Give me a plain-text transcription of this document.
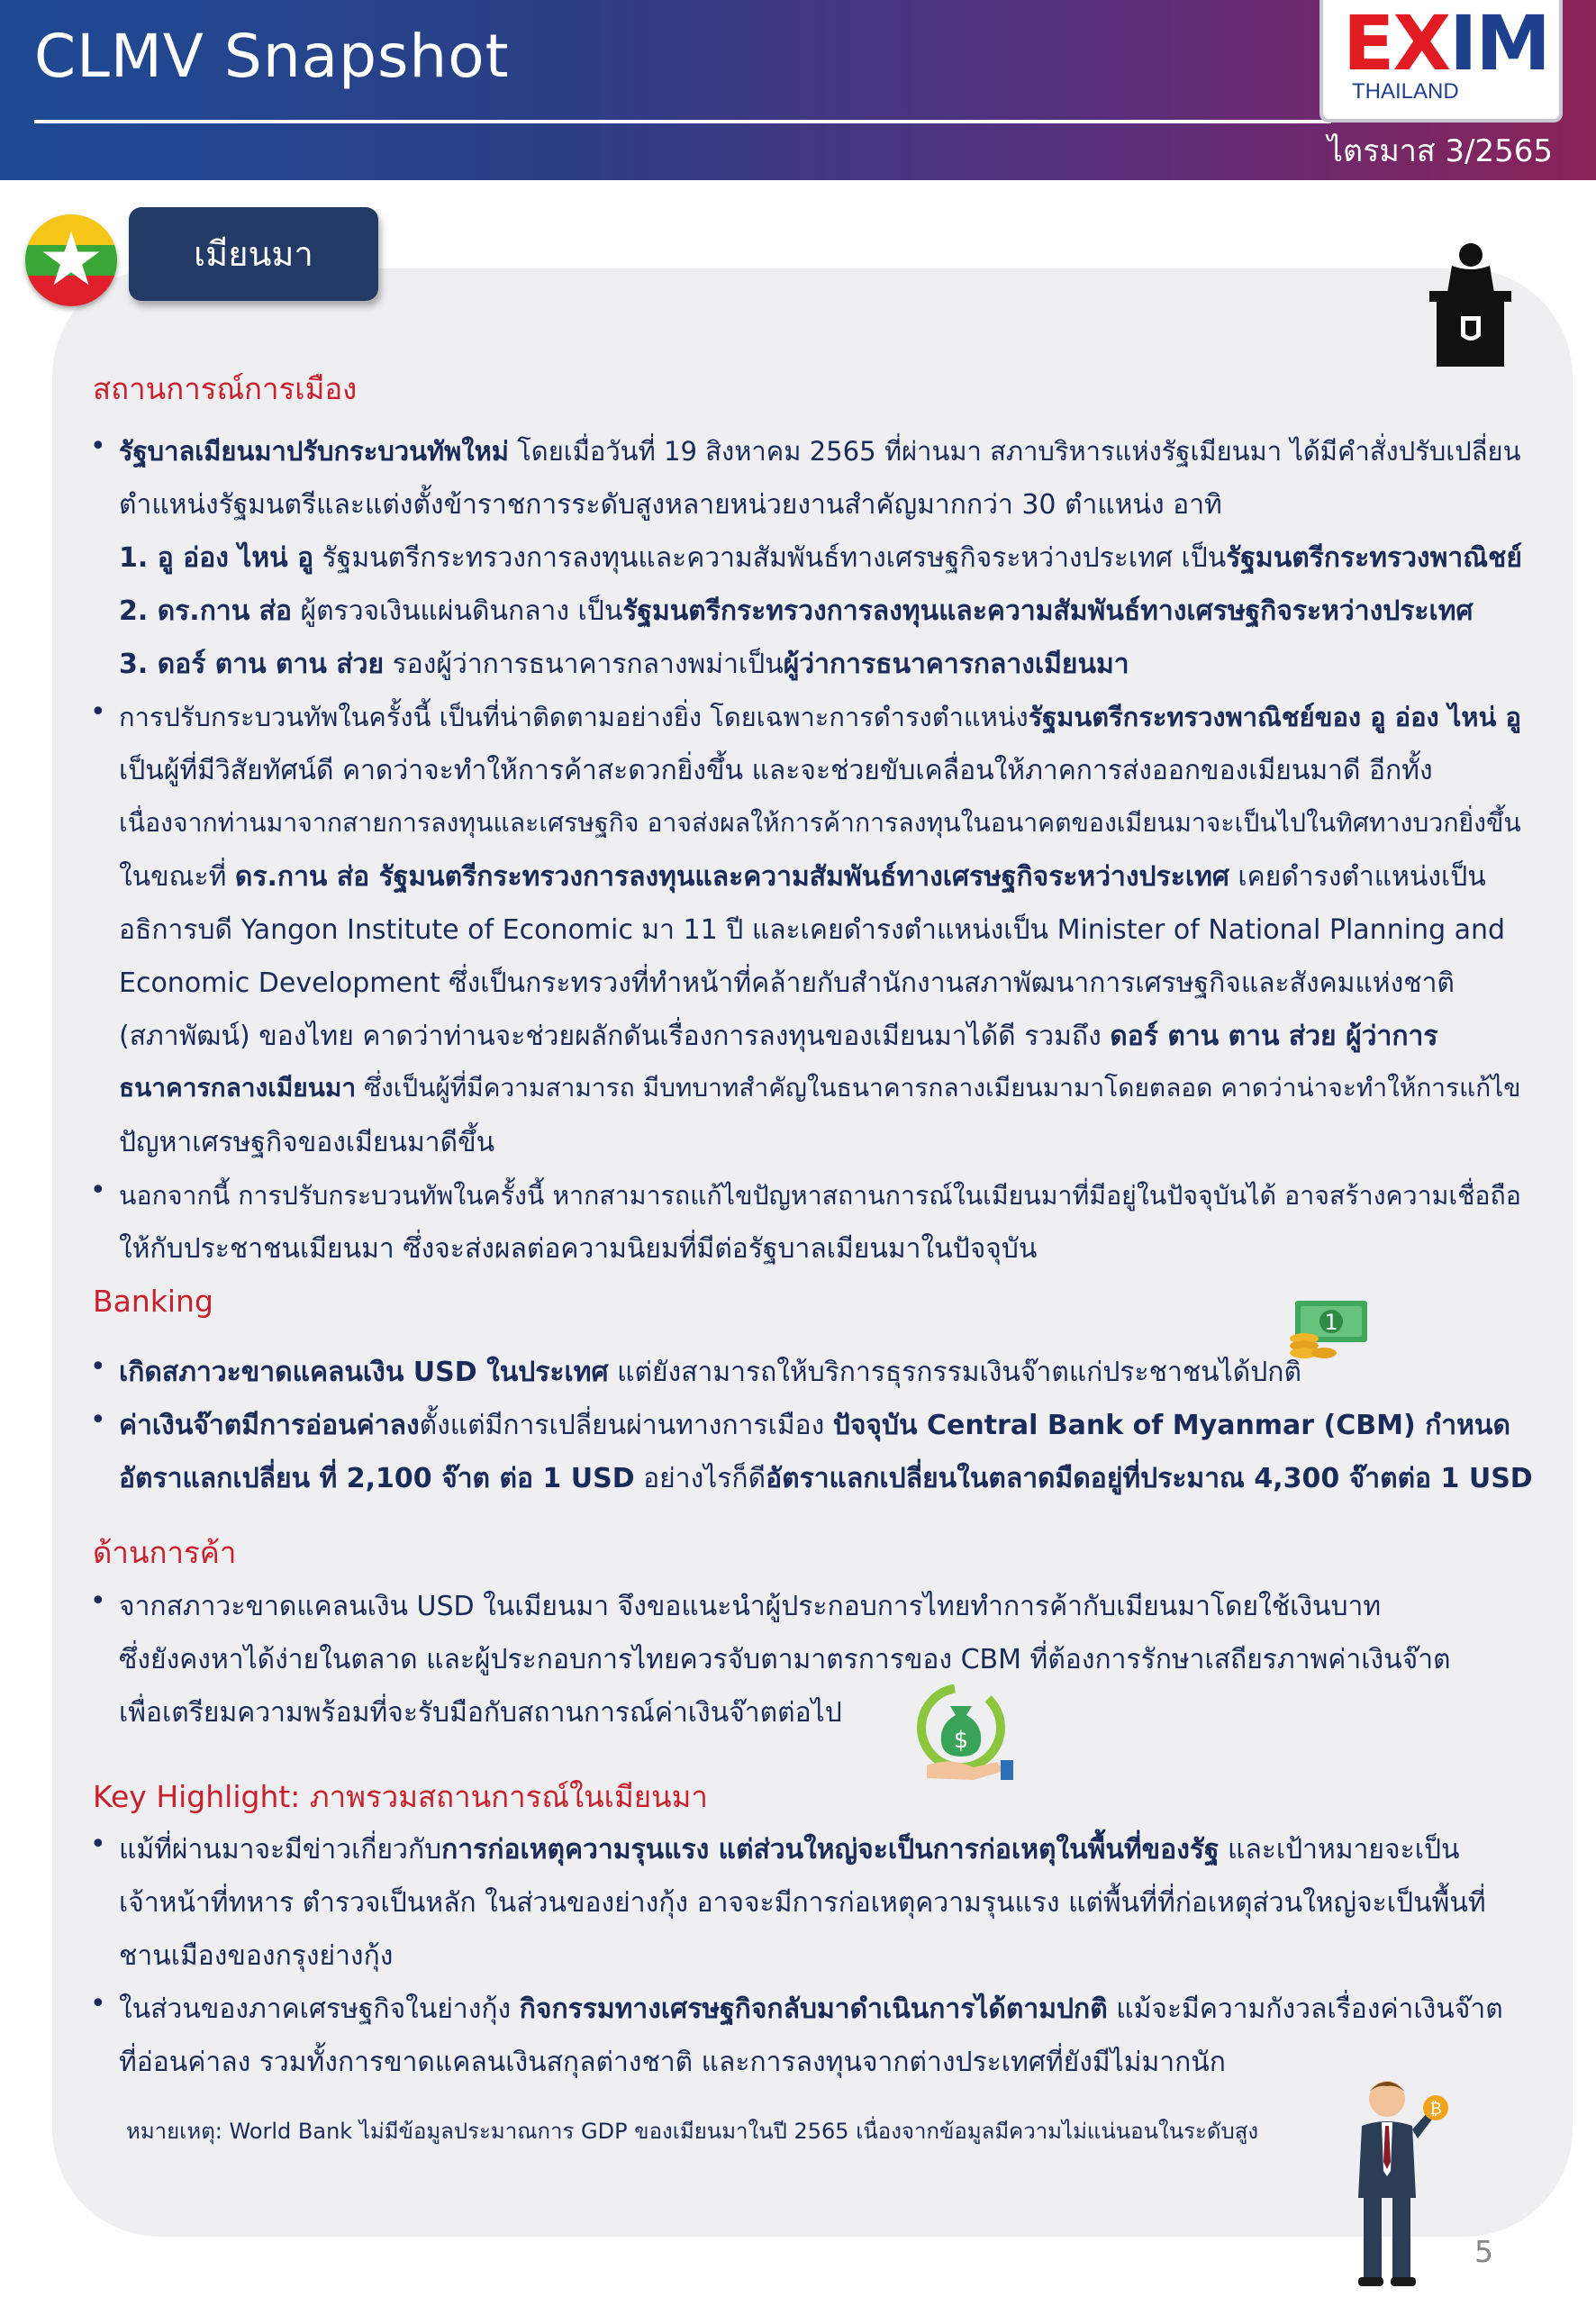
CLMV Snapshot	EXIM
THAILAND
ไตรมาส 3/2565
★	เมียนมา
สถานการณ์การเมือง
• รัฐบาลเมียนมาปรับกระบวนทัพใหม่ โดยเมื่อวันที่ 19 สิงหาคม 2565 ที่ผ่านมา สภาบริหารแห่งรัฐเมียนมา ได้มีคำสั่งปรับเปลี่ยน
ตำแหน่งรัฐมนตรีและแต่งตั้งข้าราชการระดับสูงหลายหน่วยงานสำคัญมากกว่า 30 ตำแหน่ง อาทิ
1. อู อ่อง ไหน่ อู รัฐมนตรีกระทรวงการลงทุนและความสัมพันธ์ทางเศรษฐกิจระหว่างประเทศ เป็นรัฐมนตรีกระทรวงพาณิชย์
2. ดร.กาน ส่อ ผู้ตรวจเงินแผ่นดินกลาง เป็นรัฐมนตรีกระทรวงการลงทุนและความสัมพันธ์ทางเศรษฐกิจระหว่างประเทศ
3. ดอร์ ตาน ตาน ส่วย รองผู้ว่าการธนาคารกลางพม่าเป็นผู้ว่าการธนาคารกลางเมียนมา
• การปรับกระบวนทัพในครั้งนี้ เป็นที่น่าติดตามอย่างยิ่ง โดยเฉพาะการดำรงตำแหน่งรัฐมนตรีกระทรวงพาณิชย์ของ อู อ่อง ไหน่ อู
เป็นผู้ที่มีวิสัยทัศน์ดี คาดว่าจะทำให้การค้าสะดวกยิ่งขึ้น และจะช่วยขับเคลื่อนให้ภาคการส่งออกของเมียนมาดี อีกทั้ง
เนื่องจากท่านมาจากสายการลงทุนและเศรษฐกิจ อาจส่งผลให้การค้าการลงทุนในอนาคตของเมียนมาจะเป็นไปในทิศทางบวกยิ่งขึ้น
ในขณะที่ ดร.กาน ส่อ รัฐมนตรีกระทรวงการลงทุนและความสัมพันธ์ทางเศรษฐกิจระหว่างประเทศ เคยดำรงตำแหน่งเป็น
อธิการบดี Yangon Institute of Economic มา 11 ปี และเคยดำรงตำแหน่งเป็น Minister of National Planning and
Economic Development ซึ่งเป็นกระทรวงที่ทำหน้าที่คล้ายกับสำนักงานสภาพัฒนาการเศรษฐกิจและสังคมแห่งชาติ
(สภาพัฒน์) ของไทย คาดว่าท่านจะช่วยผลักดันเรื่องการลงทุนของเมียนมาได้ดี รวมถึง ดอร์ ตาน ตาน ส่วย ผู้ว่าการ
ธนาคารกลางเมียนมา ซึ่งเป็นผู้ที่มีความสามารถ มีบทบาทสำคัญในธนาคารกลางเมียนมามาโดยตลอด คาดว่าน่าจะทำให้การแก้ไข
ปัญหาเศรษฐกิจของเมียนมาดีขึ้น
• นอกจากนี้ การปรับกระบวนทัพในครั้งนี้ หากสามารถแก้ไขปัญหาสถานการณ์ในเมียนมาที่มีอยู่ในปัจจุบันได้ อาจสร้างความเชื่อถือ
ให้กับประชาชนเมียนมา ซึ่งจะส่งผลต่อความนิยมที่มีต่อรัฐบาลเมียนมาในปัจจุบัน
Banking
1
• เกิดสภาวะขาดแคลนเงิน USD ในประเทศ แต่ยังสามารถให้บริการธุรกรรมเงินจ๊าตแก่ประชาชนได้ปกติ
• ค่าเงินจ๊าตมีการอ่อนค่าลงตั้งแต่มีการเปลี่ยนผ่านทางการเมือง ปัจจุบัน Central Bank of Myanmar (CBM) กำหนด
อัตราแลกเปลี่ยน ที่ 2,100 จ๊าต ต่อ 1 USD อย่างไรก็ดีอัตราแลกเปลี่ยนในตลาดมืดอยู่ที่ประมาณ 4,300 จ๊าตต่อ 1 USD
ด้านการค้า
• จากสภาวะขาดแคลนเงิน USD ในเมียนมา จึงขอแนะนำผู้ประกอบการไทยทำการค้ากับเมียนมาโดยใช้เงินบาท
ซึ่งยังคงหาได้ง่ายในตลาด และผู้ประกอบการไทยควรจับตามาตรการของ CBM ที่ต้องการรักษาเสถียรภาพค่าเงินจ๊าต
เพื่อเตรียมความพร้อมที่จะรับมือกับสถานการณ์ค่าเงินจ๊าตต่อไป
$
Key Highlight: ภาพรวมสถานการณ์ในเมียนมา
• แม้ที่ผ่านมาจะมีข่าวเกี่ยวกับการก่อเหตุความรุนแรง แต่ส่วนใหญ่จะเป็นการก่อเหตุในพื้นที่ของรัฐ และเป้าหมายจะเป็น
เจ้าหน้าที่ทหาร ตำรวจเป็นหลัก ในส่วนของย่างกุ้ง อาจจะมีการก่อเหตุความรุนแรง แต่พื้นที่ที่ก่อเหตุส่วนใหญ่จะเป็นพื้นที่
ชานเมืองของกรุงย่างกุ้ง
• ในส่วนของภาคเศรษฐกิจในย่างกุ้ง กิจกรรมทางเศรษฐกิจกลับมาดำเนินการได้ตามปกติ แม้จะมีความกังวลเรื่องค่าเงินจ๊าต
ที่อ่อนค่าลง รวมทั้งการขาดแคลนเงินสกุลต่างชาติ และการลงทุนจากต่างประเทศที่ยังมีไม่มากนัก
หมายเหตุ: World Bank ไม่มีข้อมูลประมาณการ GDP ของเมียนมาในปี 2565 เนื่องจากข้อมูลมีความไม่แน่นอนในระดับสูง
₿
5
